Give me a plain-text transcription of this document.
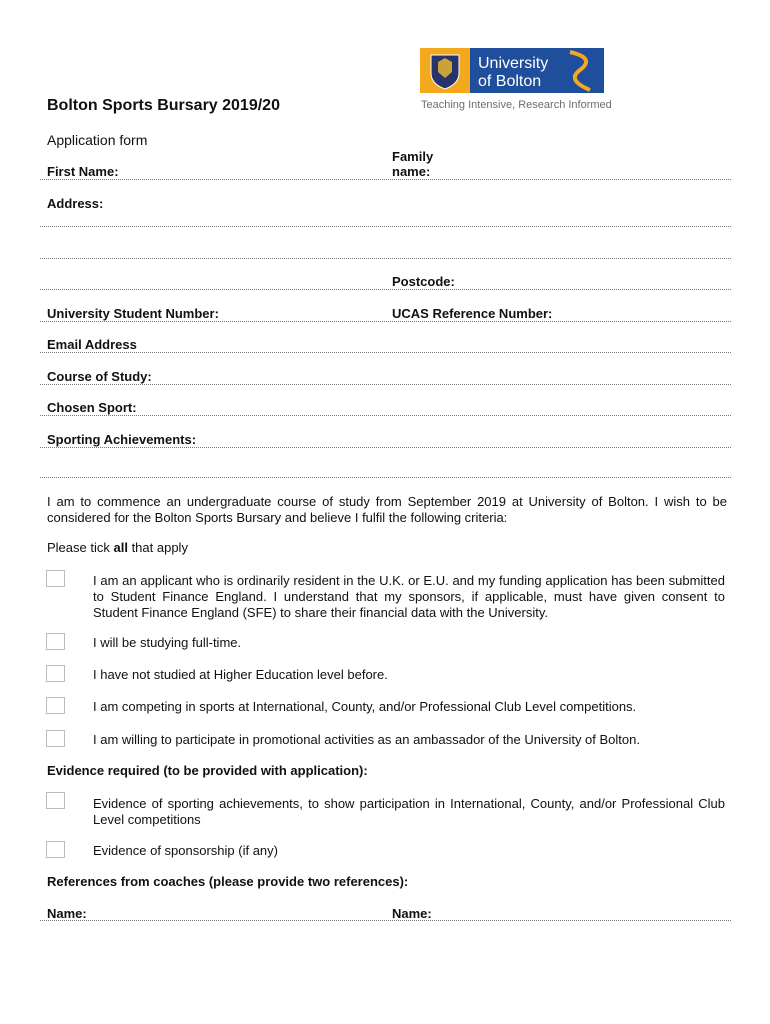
University
of Bolton
Teaching Intensive, Research Informed
Bolton Sports Bursary 2019/20
Application form
First Name:
Family
name:
Address:
Postcode:
University Student Number:	UCAS Reference Number:
Email Address
Course of Study:
Chosen Sport:
Sporting Achievements:
I am to commence an undergraduate course of study from September 2019 at University of Bolton. I wish to be considered for the Bolton Sports Bursary and believe I fulfil the following criteria:
Please tick all that apply
I am an applicant who is ordinarily resident in the U.K. or E.U. and my funding application has been submitted to Student Finance England. I understand that my sponsors, if applicable, must have given consent to Student Finance England (SFE) to share their financial data with the University.
I will be studying full-time.
I have not studied at Higher Education level before.
I am competing in sports at International, County, and/or Professional Club Level competitions.
I am willing to participate in promotional activities as an ambassador of the University of Bolton.
Evidence required (to be provided with application):
Evidence of sporting achievements, to show participation in International, County, and/or Professional Club Level competitions
Evidence of sponsorship (if any)
References from coaches (please provide two references):
Name:	Name:
